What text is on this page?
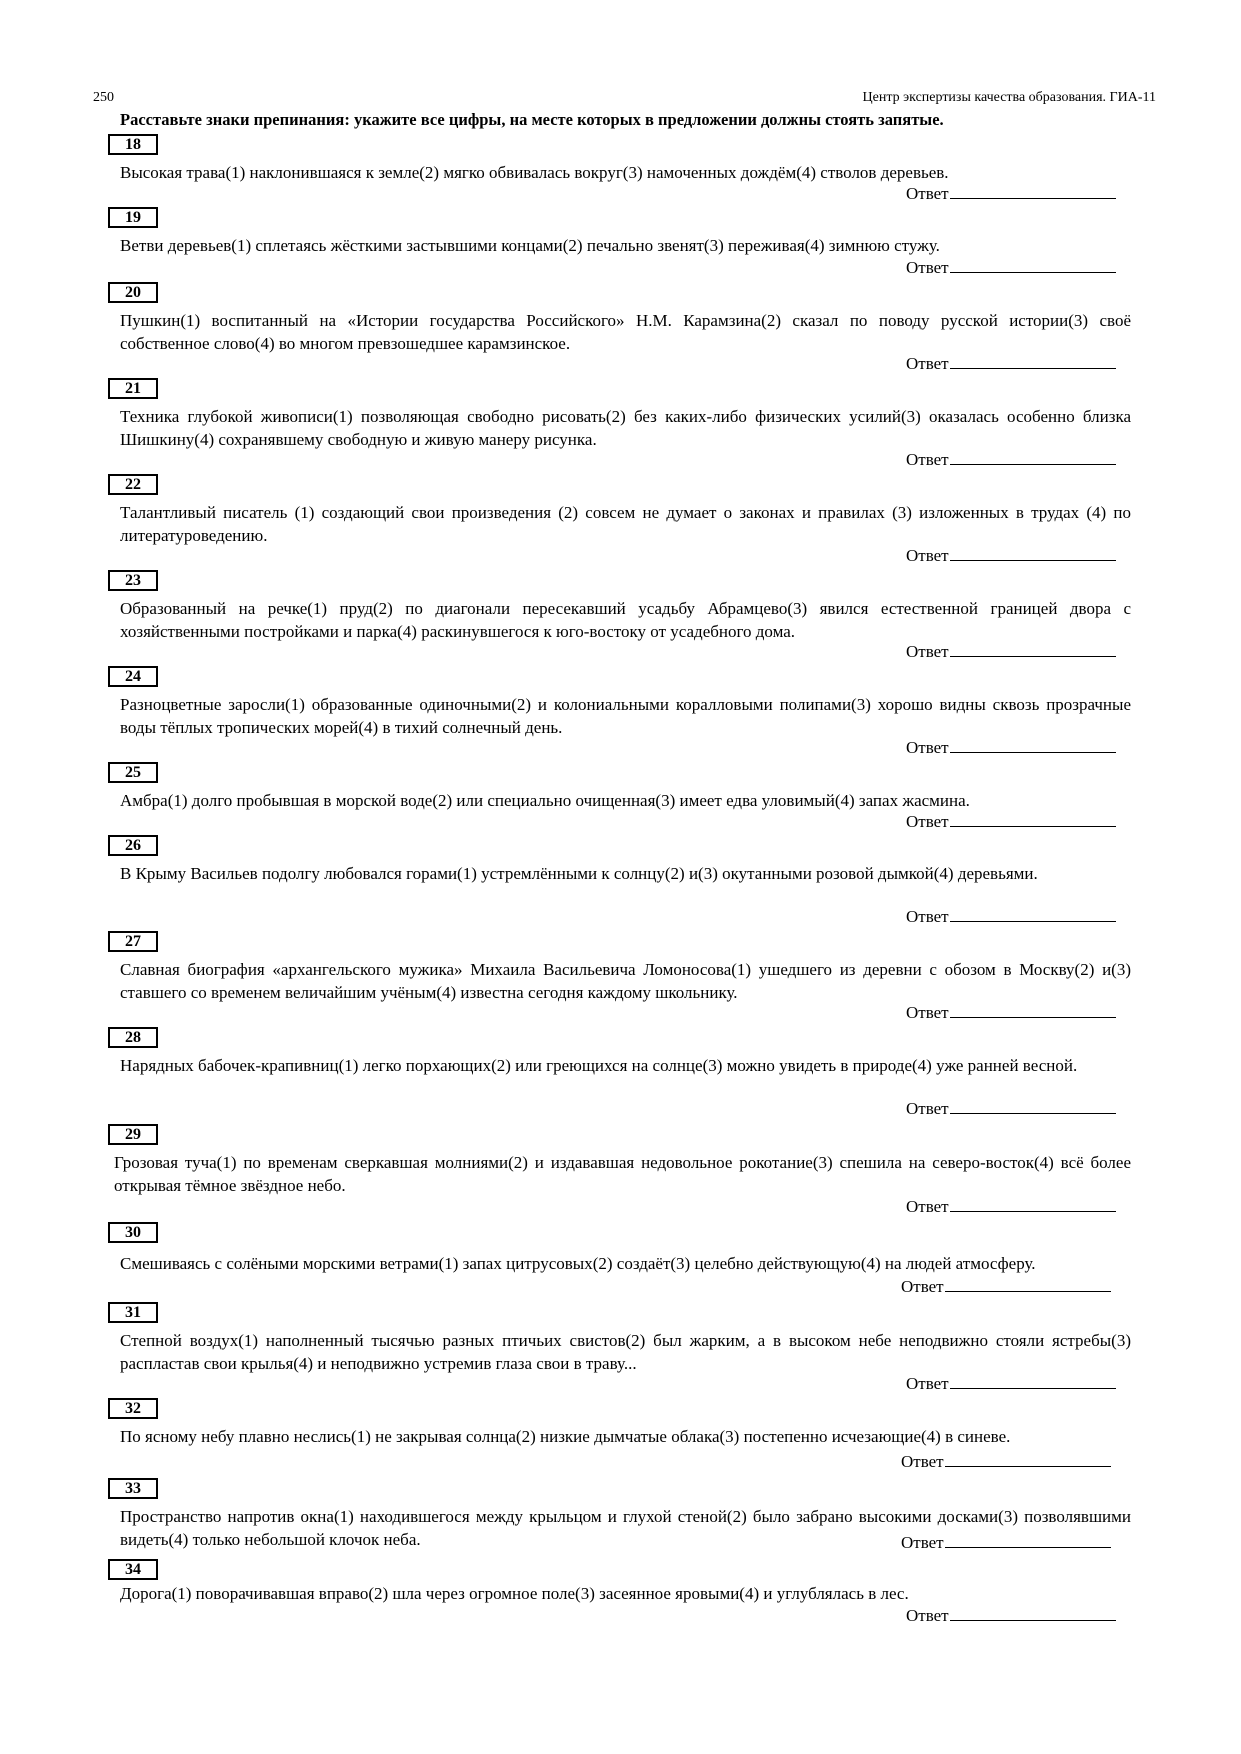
250	Центр экспертизы качества образования. ГИА-11
Расставьте знаки препинания: укажите все цифры, на месте которых в предложении должны стоять запятые.
18
Высокая трава(1) наклонившаяся к земле(2) мягко обвивалась вокруг(3) намоченных дождём(4) стволов деревьев.
Ответ
19
Ветви деревьев(1) сплетаясь жёсткими застывшими концами(2) печально звенят(3) переживая(4) зимнюю стужу.
Ответ
20
Пушкин(1) воспитанный на «Истории государства Российского» Н.М. Карамзина(2) сказал по поводу русской истории(3) своё собственное слово(4) во многом превзошедшее карамзинское.
Ответ
21
Техника глубокой живописи(1) позволяющая свободно рисовать(2) без каких-либо физических усилий(3) оказалась особенно близка Шишкину(4) сохранявшему свободную и живую манеру рисунка.
Ответ
22
Талантливый писатель (1) создающий свои произведения (2) совсем не думает о законах и правилах (3) изложенных в трудах (4) по литературоведению.
Ответ
23
Образованный на речке(1) пруд(2) по диагонали пересекавший усадьбу Абрамцево(3) явился естественной границей двора с хозяйственными постройками и парка(4) раскинувшегося к юго-востоку от усадебного дома.
Ответ
24
Разноцветные заросли(1) образованные одиночными(2) и колониальными коралловыми полипами(3) хорошо видны сквозь прозрачные воды тёплых тропических морей(4) в тихий солнечный день.
Ответ
25
Амбра(1) долго пробывшая в морской воде(2) или специально очищенная(3) имеет едва уловимый(4) запах жасмина.
Ответ
26
В Крыму Васильев подолгу любовался горами(1) устремлёнными к солнцу(2) и(3) окутанными розовой дымкой(4) деревьями.
Ответ
27
Славная биография «архангельского мужика» Михаила Васильевича Ломоносова(1) ушедшего из деревни с обозом в Москву(2) и(3) ставшего со временем величайшим учёным(4) известна сегодня каждому школьнику.
Ответ
28
Нарядных бабочек-крапивниц(1) легко порхающих(2) или греющихся на солнце(3) можно увидеть в природе(4) уже ранней весной.
Ответ
29
Грозовая туча(1) по временам сверкавшая молниями(2) и издававшая недовольное рокотание(3) спешила на северо-восток(4) всё более открывая тёмное звёздное небо.
Ответ
30
Смешиваясь с солёными морскими ветрами(1) запах цитрусовых(2) создаёт(3) целебно действующую(4) на людей атмосферу.
Ответ
31
Степной воздух(1) наполненный тысячью разных птичьих свистов(2) был жарким, а в высоком небе неподвижно стояли ястребы(3) распластав свои крылья(4) и неподвижно устремив глаза свои в траву...
Ответ
32
По ясному небу плавно неслись(1) не закрывая солнца(2) низкие дымчатые облака(3) постепенно исчезающие(4) в синеве.
Ответ
33
Пространство напротив окна(1) находившегося между крыльцом и глухой стеной(2) было забрано высокими досками(3) позволявшими видеть(4) только небольшой клочок неба.	Ответ
34
Дорога(1) поворачивавшая вправо(2) шла через огромное поле(3) засеянное яровыми(4) и углублялась в лес.
Ответ
